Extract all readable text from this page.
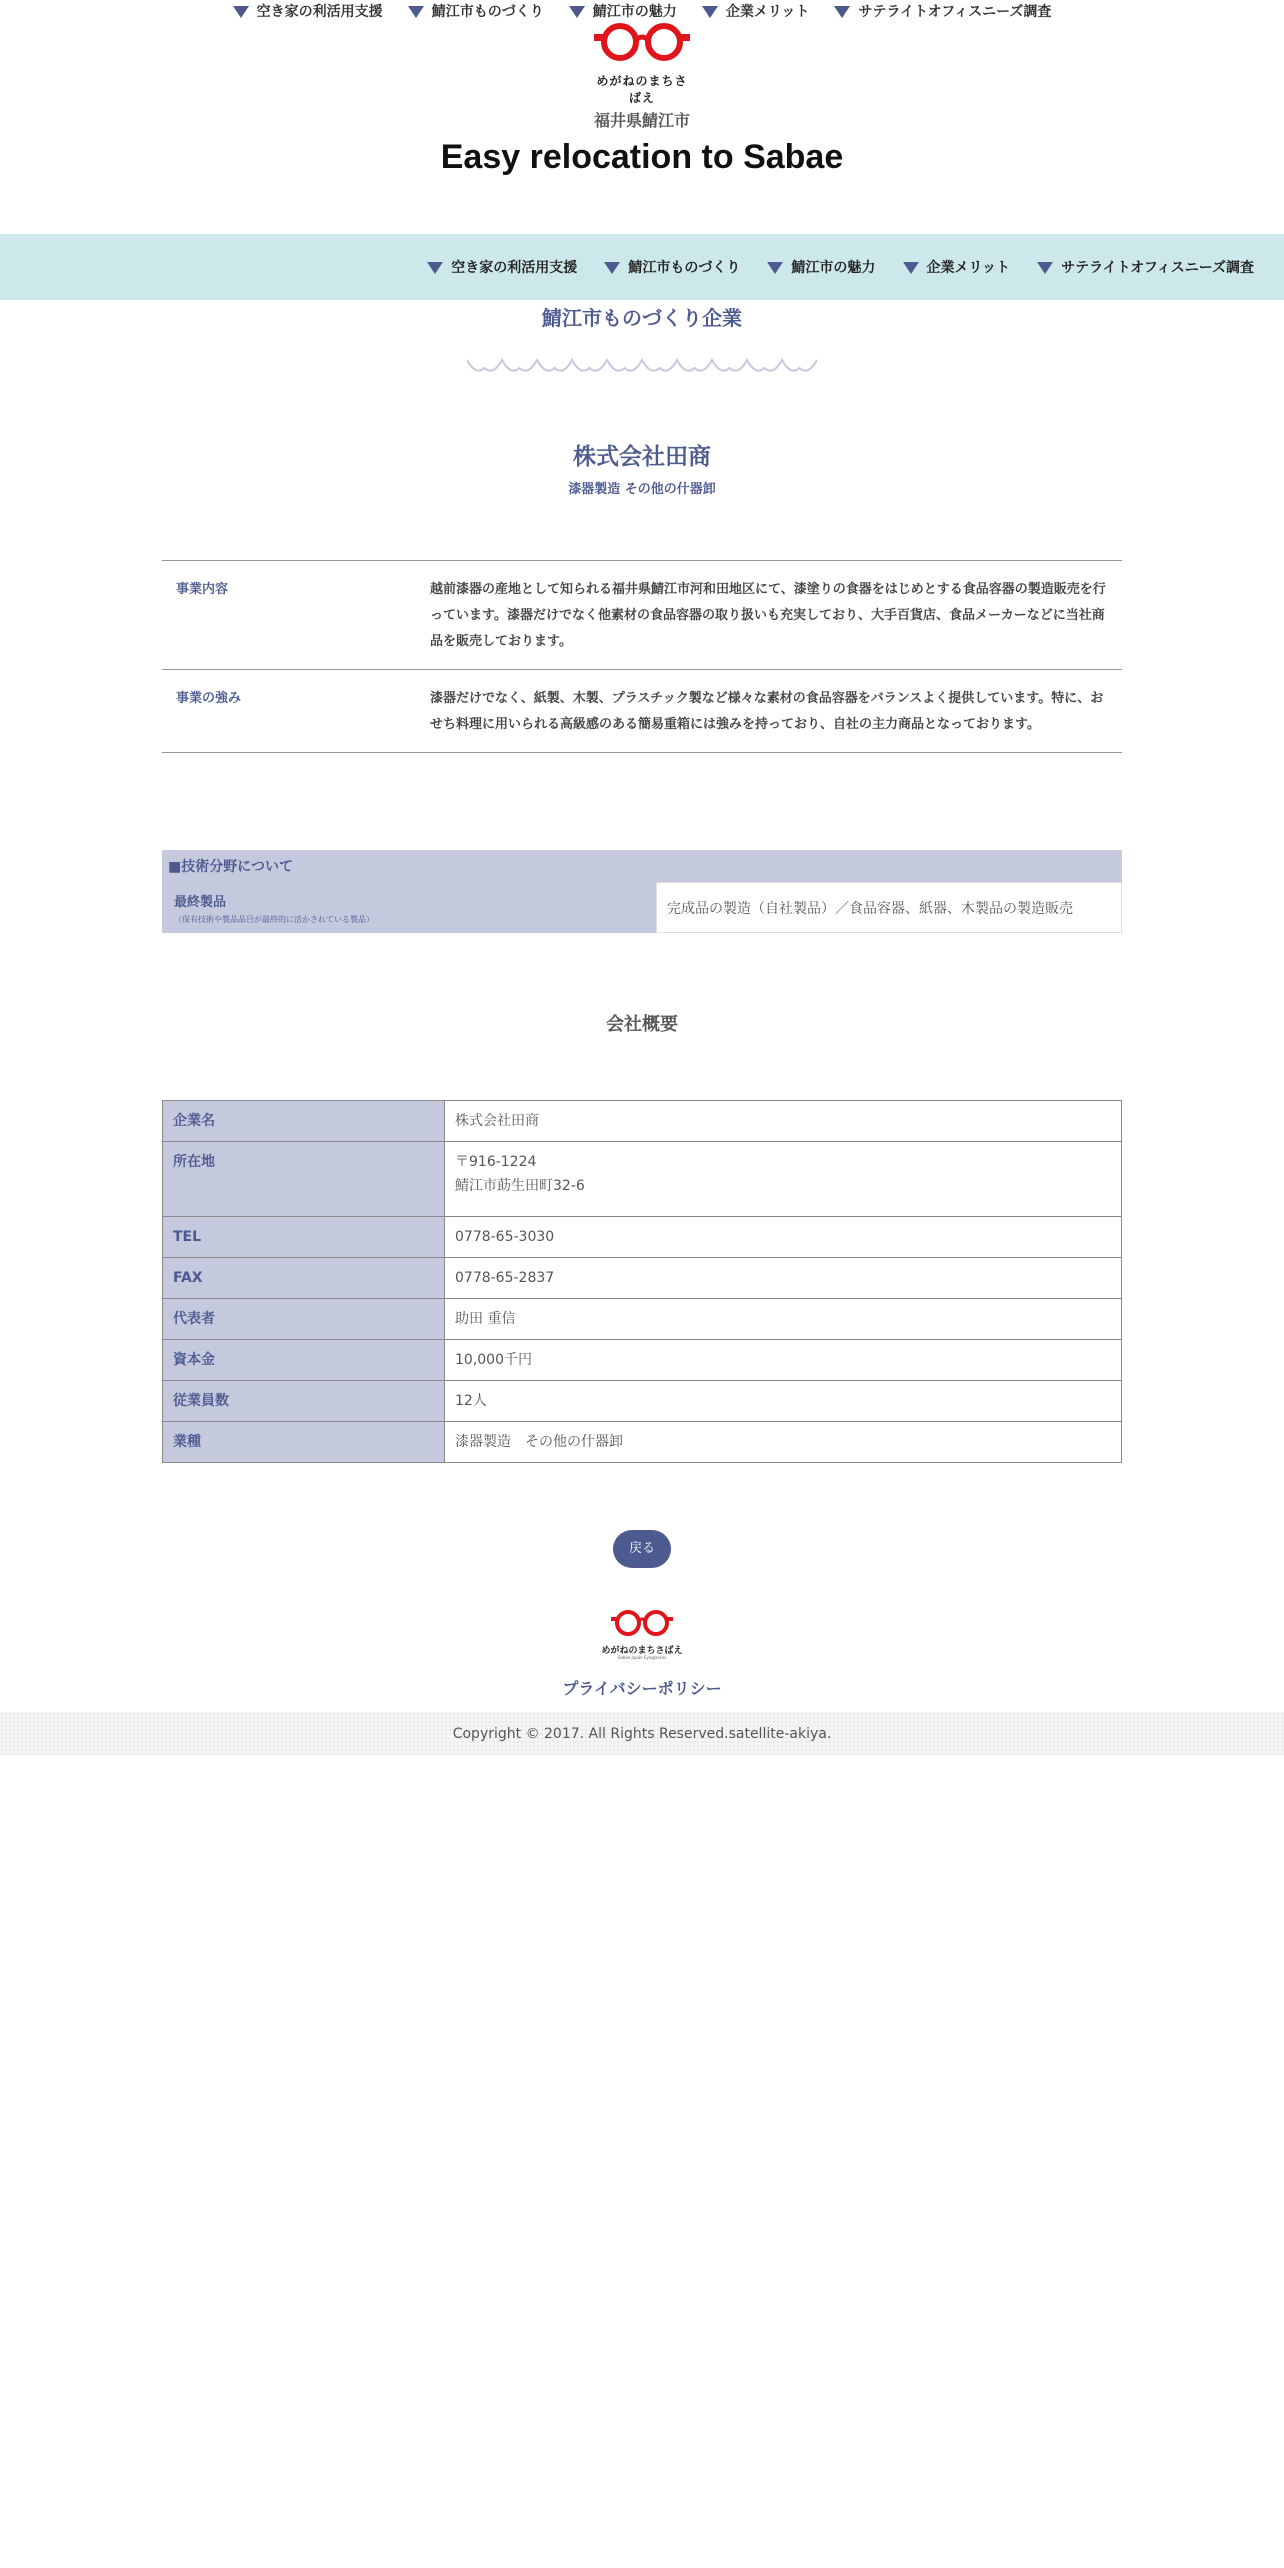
空き家の利活用支援	鯖江市ものづくり	鯖江市の魅力	企業メリット	サテライトオフィスニーズ調査
めがねのまちさばえ
福井県鯖江市
Easy relocation to Sabae
空き家の利活用支援	鯖江市ものづくり	鯖江市の魅力	企業メリット	サテライトオフィスニーズ調査
鯖江市ものづくり企業
株式会社田商
漆器製造 その他の什器卸
事業内容	越前漆器の産地として知られる福井県鯖江市河和田地区にて、漆塗りの食器をはじめとする食品容器の製造販売を行っています。漆器だけでなく他素材の食品容器の取り扱いも充実しており、大手百貨店、食品メーカーなどに当社商品を販売しております。
事業の強み	漆器だけでなく、紙製、木製、プラスチック製など様々な素材の食品容器をバランスよく提供しています。特に、おせち料理に用いられる高級感のある簡易重箱には強みを持っており、自社の主力商品となっております。
■技術分野について
最終製品
（保有技術や製品品目が最終的に活かされている製品）
	完成品の製造（自社製品）／食品容器、紙器、木製品の製造販売
会社概要
企業名	株式会社田商
所在地	〒916-1224
鯖江市莇生田町32-6

TEL	0778-65-3030
FAX	0778-65-2837
代表者	助田 重信
資本金	10,000千円
従業員数	12人
業種	漆器製造　その他の什器卸
戻る
めがねのまちさばえ
Sabae Japan Eyeglasses
プライバシーポリシー
Copyright © 2017. All Rights Reserved.satellite-akiya.
